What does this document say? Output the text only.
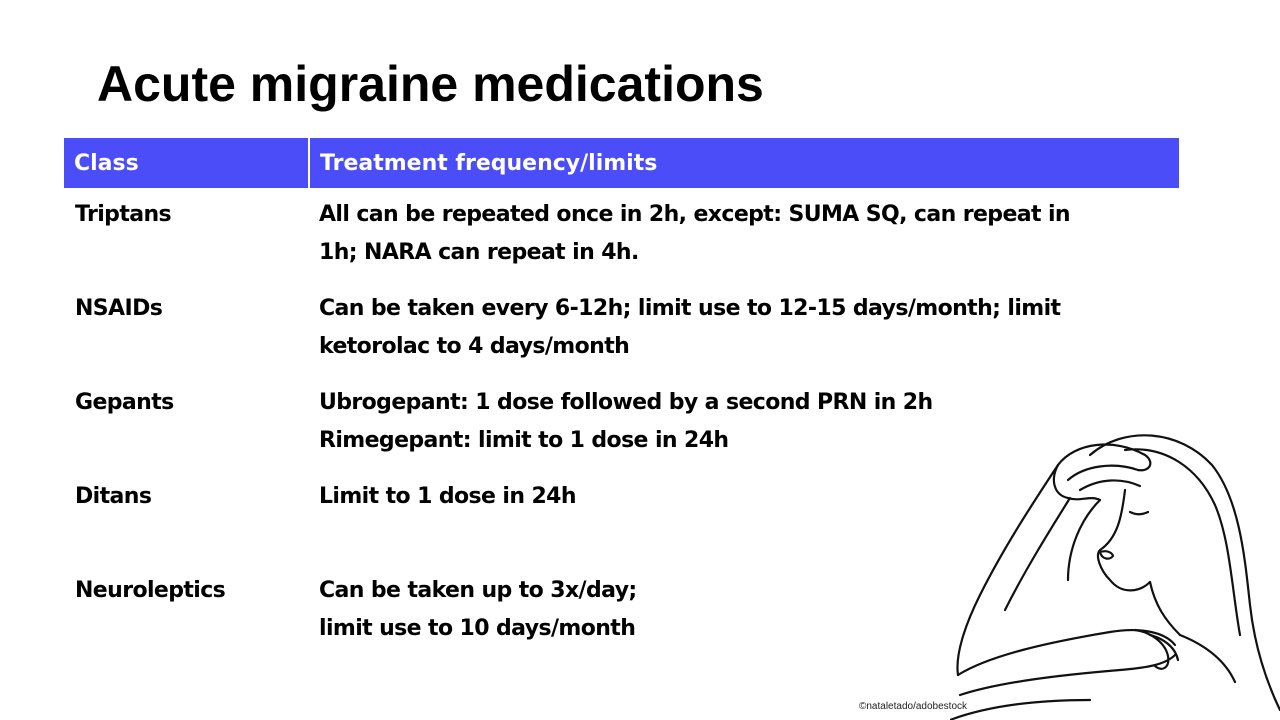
Acute migraine medications
Class	Treatment frequency/limits
Triptans	All can be repeated once in 2h, except: SUMA SQ, can repeat in
1h; NARA can repeat in 4h.

NSAIDs	Can be taken every 6-12h; limit use to 12-15 days/month; limit
ketorolac to 4 days/month

Gepants	Ubrogepant: 1 dose followed by a second PRN in 2h
Rimegepant: limit to 1 dose in 24h

Ditans	Limit to 1 dose in 24h

Neuroleptics	Can be taken up to 3x/day;
limit use to 10 days/month
©nataletado/adobestock
